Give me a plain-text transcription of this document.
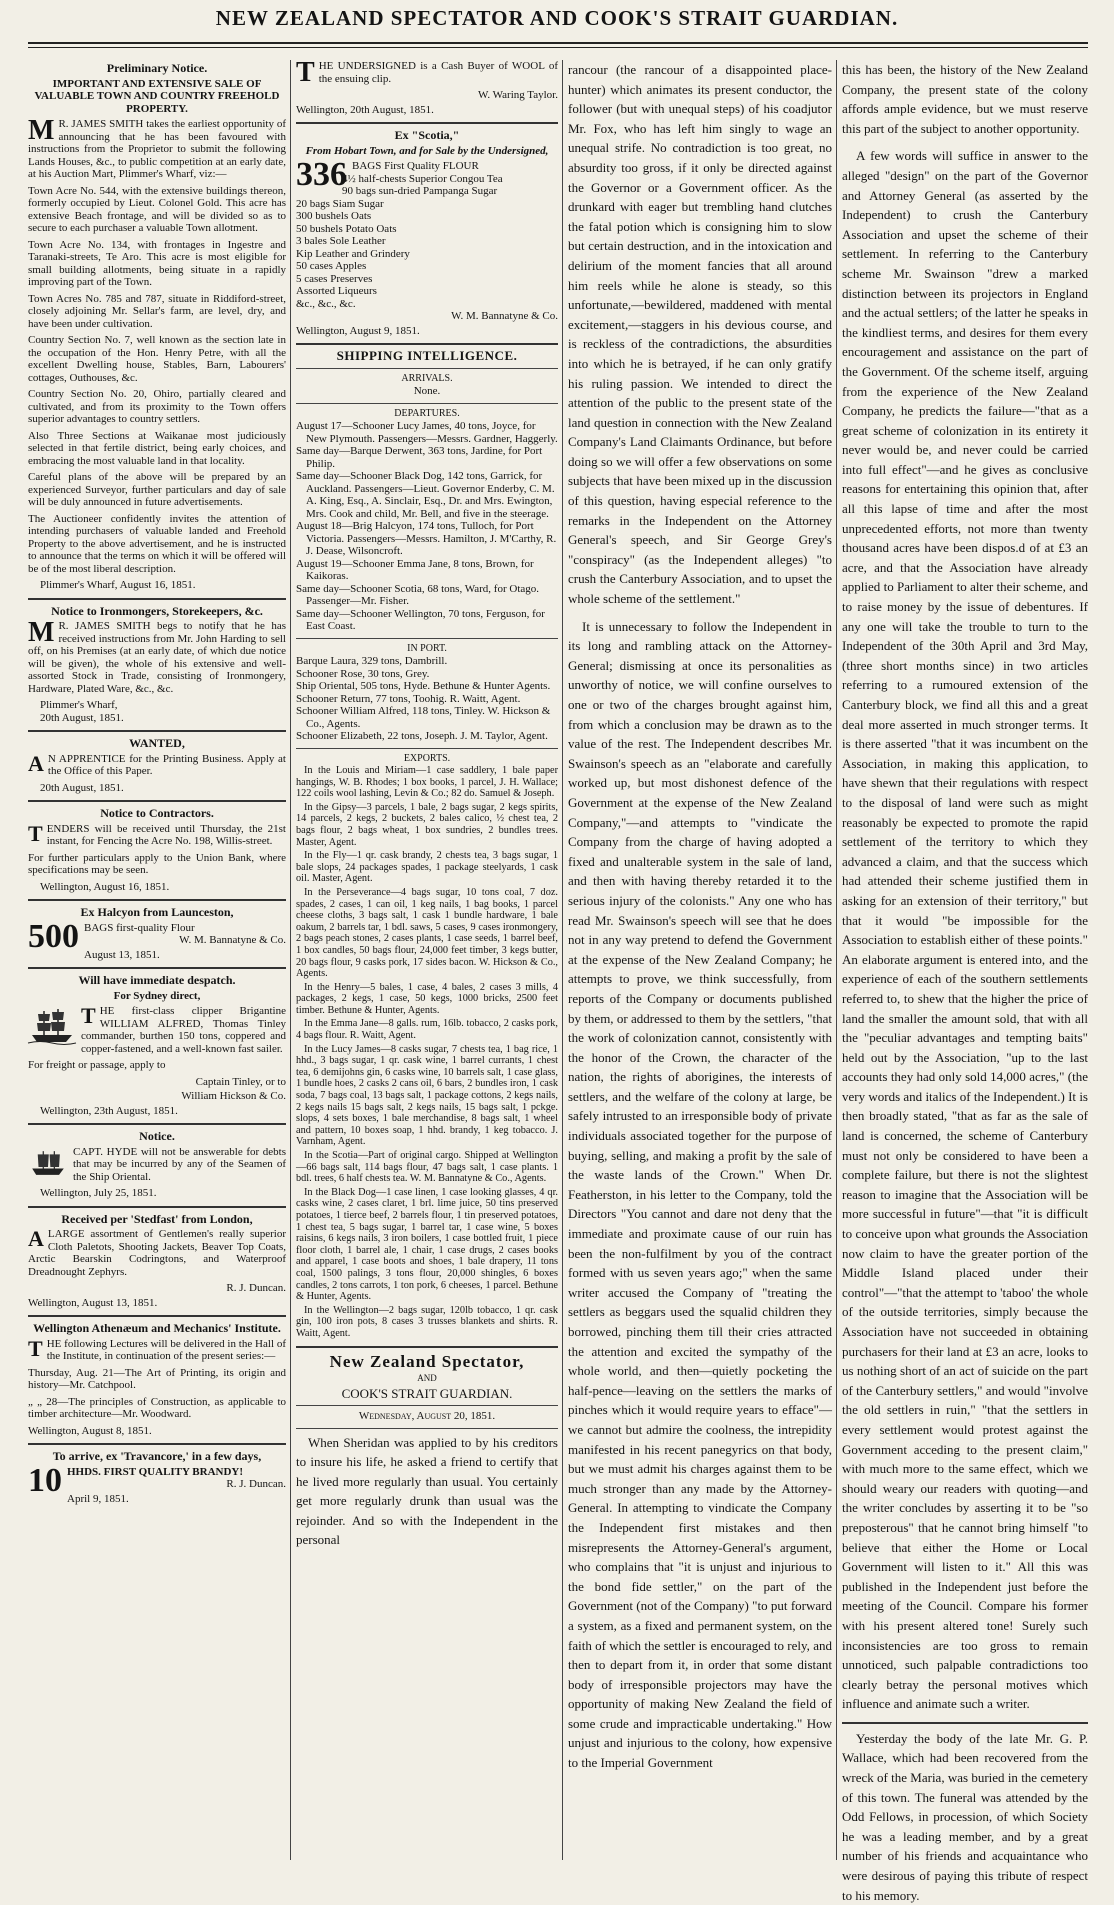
NEW ZEALAND SPECTATOR AND COOK'S STRAIT GUARDIAN.
Preliminary Notice.
IMPORTANT AND EXTENSIVE SALE OF VALUABLE TOWN AND COUNTRY FREEHOLD PROPERTY.

M R. JAMES SMITH takes the earliest opportunity of announcing that he has been favoured with instructions from the Proprietor to submit the following Lands Houses, &c., to public competition at an early date, at his Auction Mart, Plimmer's Wharf, viz:—

Town Acre No. 544, with the extensive buildings thereon, formerly occupied by Lieut. Colonel Gold. This acre has extensive Beach frontage, and will be divided so as to secure to each purchaser a valuable Town allotment.

Town Acre No. 134, with frontages in Ingestre and Taranaki-streets, Te Aro. This acre is most eligible for small building allotments, being situate in a rapidly improving part of the Town.

Town Acres No. 785 and 787, situate in Riddiford-street, closely adjoining Mr. Sellar's farm, are level, dry, and have been under cultivation.

Country Section No. 7, well known as the section late in the occupation of the Hon. Henry Petre, with all the excellent Dwelling house, Stables, Barn, Labourers' cottages, Outhouses, &c.

Country Section No. 20, Ohiro, partially cleared and cultivated, and from its proximity to the Town offers superior advantages to country settlers.

Also Three Sections at Waikanae most judiciously selected in that fertile district, being early choices, and embracing the most valuable land in that locality.

Careful plans of the above will be prepared by an experienced Surveyor, further particulars and day of sale will be duly announced in future advertisements.

The Auctioneer confidently invites the attention of intending purchasers of valuable landed and Freehold Property to the above advertisement, and he is instructed to announce that the terms on which it will be offered will be of the most liberal description.

Plimmer's Wharf, August 16, 1851.

Notice to Ironmongers, Storekeepers, &c.

M R. JAMES SMITH begs to notify that he has received instructions from Mr. John Harding to sell off, on his Premises (at an early date, of which due notice will be given), the whole of his extensive and well-assorted Stock in Trade, consisting of Ironmongery, Hardware, Plated Ware, &c., &c.

Plimmer's Wharf,

20th August, 1851.

WANTED,

A N APPRENTICE for the Printing Business. Apply at the Office of this Paper.

20th August, 1851.

Notice to Contractors.

TENDERS will be received until Thursday, the 21st instant, for Fencing the Acre No. 198, Willis-street.

For further particulars apply to the Union Bank, where specifications may be seen.

Wellington, August 16, 1851.

Ex Halcyon from Launceston,
500 BAGS first-quality Flour
W. M. Bannatyne & Co.

August 13, 1851.

Will have immediate despatch.
For Sydney direct,

THE first-class clipper Brigantine WILLIAM ALFRED, Thomas Tinley commander, burthen 150 tons, coppered and copper-fastened, and a well-known fast sailer.

For freight or passage, apply to

Captain Tinley, or to
William Hickson & Co.

Wellington, 23th August, 1851.

Notice.

CAPT. HYDE will not be answerable for debts that may be incurred by any of the Seamen of the Ship Oriental.

Wellington, July 25, 1851.

Received per 'Stedfast' from London,

ALARGE assortment of Gentlemen's really superior Cloth Paletots, Shooting Jackets, Beaver Top Coats, Arctic Bearskin Codringtons, and Waterproof Dreadnought Zephyrs.

R. J. Duncan.

Wellington, August 13, 1851.

Wellington Athenæum and Mechanics' Institute.

THE following Lectures will be delivered in the Hall of the Institute, in continuation of the present series:—

Thursday, Aug. 21—The Art of Printing, its origin and history—Mr. Catchpool.

„ „ 28—The principles of Construction, as applicable to timber architecture—Mr. Woodward.

Wellington, August 8, 1851.

To arrive, ex 'Travancore,' in a few days,
10 HHDS. FIRST QUALITY BRANDY!
R. J. Duncan.

April 9, 1851.

THE UNDERSIGNED is a Cash Buyer of WOOL of the ensuing clip.

W. Waring Taylor.

Wellington, 20th August, 1851.

Ex "Scotia,"
From Hobart Town, and for Sale by the Undersigned,
336 BAGS First Quality FLOUR
4½ half-chests Superior Congou Tea
90 bags sun-dried Pampanga Sugar
20 bags Siam Sugar
300 bushels Oats
50 bushels Potato Oats
3 bales Sole Leather
Kip Leather and Grindery
50 cases Apples
5 cases Preserves
Assorted Liqueurs
&c., &c., &c.
W. M. Bannatyne & Co.

Wellington, August 9, 1851.

SHIPPING INTELLIGENCE.
ARRIVALS.
None.
DEPARTURES.
August 17—Schooner Lucy James, 40 tons, Joyce, for New Plymouth. Passengers—Messrs. Gardner, Haggerly.
Same day—Barque Derwent, 363 tons, Jardine, for Port Philip.
Same day—Schooner Black Dog, 142 tons, Garrick, for Auckland. Passengers—Lieut. Governor Enderby, C. M. A. King, Esq., A. Sinclair, Esq., Dr. and Mrs. Ewington, Mrs. Cook and child, Mr. Bell, and five in the steerage.
August 18—Brig Halcyon, 174 tons, Tulloch, for Port Victoria. Passengers—Messrs. Hamilton, J. M'Carthy, R. J. Dease, Wilsoncroft.
August 19—Schooner Emma Jane, 8 tons, Brown, for Kaikoras.
Same day—Schooner Scotia, 68 tons, Ward, for Otago. Passenger—Mr. Fisher.
Same day—Schooner Wellington, 70 tons, Ferguson, for East Coast.
IN PORT.
Barque Laura, 329 tons, Dambrill.
Schooner Rose, 30 tons, Grey.
Ship Oriental, 505 tons, Hyde. Bethune & Hunter Agents.
Schooner Return, 77 tons, Toohig. R. Waitt, Agent.
Schooner William Alfred, 118 tons, Tinley. W. Hickson & Co., Agents.
Schooner Elizabeth, 22 tons, Joseph. J. M. Taylor, Agent.
EXPORTS.

In the Louis and Miriam—1 case saddlery, 1 bale paper hangings, W. B. Rhodes; 1 box books, 1 parcel, J. H. Wallace; 122 coils wool lashing, Levin & Co.; 82 do. Samuel & Joseph.

In the Gipsy—3 parcels, 1 bale, 2 bags sugar, 2 kegs spirits, 14 parcels, 2 kegs, 2 buckets, 2 bales calico, ½ chest tea, 2 bags flour, 2 bags wheat, 1 box sundries, 2 bundles trees. Master, Agent.

In the Fly—1 qr. cask brandy, 2 chests tea, 3 bags sugar, 1 bale slops, 24 packages spades, 1 package steelyards, 1 cask oil. Master, Agent.

In the Perseverance—4 bags sugar, 10 tons coal, 7 doz. spades, 2 cases, 1 can oil, 1 keg nails, 1 bag books, 1 parcel cheese cloths, 3 bags salt, 1 cask 1 bundle hardware, 1 bale oakum, 2 barrels tar, 1 bdl. saws, 5 cases, 9 cases ironmongery, 2 bags peach stones, 2 cases plants, 1 case seeds, 1 barrel beef, 1 box candles, 50 bags flour, 24,000 feet timber, 3 kegs butter, 20 bags flour, 9 casks pork, 17 sides bacon. W. Hickson & Co., Agents.

In the Henry—5 bales, 1 case, 4 bales, 2 cases 3 mills, 4 packages, 2 kegs, 1 case, 50 kegs, 1000 bricks, 2500 feet timber. Bethune & Hunter, Agents.

In the Emma Jane—8 galls. rum, 16lb. tobacco, 2 casks pork, 4 bags flour. R. Waitt, Agent.

In the Lucy James—8 casks sugar, 7 chests tea, 1 bag rice, 1 hhd., 3 bags sugar, 1 qr. cask wine, 1 barrel currants, 1 chest tea, 6 demijohns gin, 6 casks wine, 10 barrels salt, 1 case glass, 1 bundle hoes, 2 casks 2 cans oil, 6 bars, 2 bundles iron, 1 cask soda, 7 bags coal, 13 bags salt, 1 package cottons, 2 kegs nails, 2 kegs nails 15 bags salt, 2 kegs nails, 15 bags salt, 1 pckge. slops, 4 sets boxes, 1 bale merchandise, 8 bags salt, 1 wheel and pattern, 10 boxes soap, 1 hhd. brandy, 1 keg tobacco. J. Varnham, Agent.

In the Scotia—Part of original cargo. Shipped at Wellington—66 bags salt, 114 bags flour, 47 bags salt, 1 case plants. 1 bdl. trees, 6 half chests tea. W. M. Bannatyne & Co., Agents.

In the Black Dog—1 case linen, 1 case looking glasses, 4 qr. casks wine, 2 cases claret, 1 brl. lime juice, 50 tins preserved potatoes, 1 tierce beef, 2 barrels flour, 1 tin preserved potatoes, 1 chest tea, 5 bags sugar, 1 barrel tar, 1 case wine, 5 boxes raisins, 6 kegs nails, 3 iron boilers, 1 case bottled fruit, 1 piece floor cloth, 1 barrel ale, 1 chair, 1 case drugs, 2 cases books and apparel, 1 case boots and shoes, 1 bale drapery, 11 tons coal, 1500 palings, 3 tons flour, 20,000 shingles, 6 boxes candles, 2 tons carrots, 1 ton pork, 6 cheeses, 1 parcel. Bethune & Hunter, Agents.

In the Wellington—2 bags sugar, 120lb tobacco, 1 qr. cask gin, 100 iron pots, 8 cases 3 trusses blankets and shirts. R. Waitt, Agent.

New Zealand Spectator,
AND
COOK'S STRAIT GUARDIAN.
Wednesday, August 20, 1851.

When Sheridan was applied to by his creditors to insure his life, he asked a friend to certify that he lived more regularly than usual. You certainly get more regularly drunk than usual was the rejoinder. And so with the Independent in the personal

rancour (the rancour of a disappointed place-hunter) which animates its present conductor, the follower (but with unequal steps) of his coadjutor Mr. Fox, who has left him singly to wage an unequal strife. No contradiction is too great, no absurdity too gross, if it only be directed against the Governor or a Government officer. As the drunkard with eager but trembling hand clutches the fatal potion which is consigning him to slow but certain destruction, and in the intoxication and delirium of the moment fancies that all around him reels while he alone is steady, so this unfortunate,—bewildered, maddened with mental excitement,—staggers in his devious course, and is reckless of the contradictions, the absurdities into which he is betrayed, if he can only gratify his ruling passion. We intended to direct the attention of the public to the present state of the land question in connection with the New Zealand Company's Land Claimants Ordinance, but before doing so we will offer a few observations on some subjects that have been mixed up in the discussion of this question, having especial reference to the remarks in the Independent on the Attorney General's speech, and Sir George Grey's "conspiracy" (as the Independent alleges) "to crush the Canterbury Association, and to upset the whole scheme of the settlement."

It is unnecessary to follow the Independent in its long and rambling attack on the Attorney-General; dismissing at once its personalities as unworthy of notice, we will confine ourselves to one or two of the charges brought against him, from which a conclusion may be drawn as to the value of the rest. The Independent describes Mr. Swainson's speech as an "elaborate and carefully worked up, but most dishonest defence of the Government at the expense of the New Zealand Company,"—and attempts to "vindicate the Company from the charge of having adopted a fixed and unalterable system in the sale of land, and then with having thereby retarded it to the serious injury of the colonists." Any one who has read Mr. Swainson's speech will see that he does not in any way pretend to defend the Government at the expense of the New Zealand Company; he attempts to prove, we think successfully, from reports of the Company or documents published by them, or addressed to them by the settlers, "that the work of colonization cannot, consistently with the honor of the Crown, the character of the nation, the rights of aborigines, the interests of settlers, and the welfare of the colony at large, be safely intrusted to an irresponsible body of private individuals associated together for the purpose of buying, selling, and making a profit by the sale of the waste lands of the Crown." When Dr. Featherston, in his letter to the Company, told the Directors "You cannot and dare not deny that the immediate and proximate cause of our ruin has been the non-fulfilment by you of the contract formed with us seven years ago;" when the same writer accused the Company of "treating the settlers as beggars used the squalid children they borrowed, pinching them till their cries attracted the attention and excited the sympathy of the whole world, and then—quietly pocketing the half-pence—leaving on the settlers the marks of pinches which it would require years to efface"—we cannot but admire the coolness, the intrepidity manifested in his recent panegyrics on that body, but we must admit his charges against them to be much stronger than any made by the Attorney-General. In attempting to vindicate the Company the Independent first mistakes and then misrepresents the Attorney-General's argument, who complains that "it is unjust and injurious to the bond fide settler," on the part of the Government (not of the Company) "to put forward a system, as a fixed and permanent system, on the faith of which the settler is encouraged to rely, and then to depart from it, in order that some distant body of irresponsible projectors may have the opportunity of making New Zealand the field of some crude and impracticable undertaking." How unjust and injurious to the colony, how expensive to the Imperial Government

this has been, the history of the New Zealand Company, the present state of the colony affords ample evidence, but we must reserve this part of the subject to another opportunity.

A few words will suffice in answer to the alleged "design" on the part of the Governor and Attorney General (as asserted by the Independent) to crush the Canterbury Association and upset the scheme of their settlement. In referring to the Canterbury scheme Mr. Swainson "drew a marked distinction between its projectors in England and the actual settlers; of the latter he speaks in the kindliest terms, and desires for them every encouragement and assistance on the part of the Government. Of the scheme itself, arguing from the experience of the New Zealand Company, he predicts the failure—"that as a great scheme of colonization in its entirety it never would be, and never could be carried into full effect"—and he gives as conclusive reasons for entertaining this opinion that, after all this lapse of time and after the most unprecedented efforts, not more than twenty thousand acres have been dispos.d of at £3 an acre, and that the Association have already applied to Parliament to alter their scheme, and to raise money by the issue of debentures. If any one will take the trouble to turn to the Independent of the 30th April and 3rd May, (three short months since) in two articles referring to a rumoured extension of the Canterbury block, we find all this and a great deal more asserted in much stronger terms. It is there asserted "that it was incumbent on the Association, in making this application, to have shewn that their regulations with respect to the disposal of land were such as might reasonably be expected to promote the rapid settlement of the territory to which they advanced a claim, and that the success which had attended their scheme justified them in asking for an extension of their territory," but that it would "be impossible for the Association to establish either of these points." An elaborate argument is entered into, and the experience of each of the southern settlements referred to, to shew that the higher the price of land the smaller the amount sold, that with all the "peculiar advantages and tempting baits" held out by the Association, "up to the last accounts they had only sold 14,000 acres," (the very words and italics of the Independent.) It is then broadly stated, "that as far as the sale of land is concerned, the scheme of Canterbury must not only be considered to have been a complete failure, but there is not the slightest reason to imagine that the Association will be more successful in future"—that "it is difficult to conceive upon what grounds the Association now claim to have the greater portion of the Middle Island placed under their control"—"that the attempt to 'taboo' the whole of the outside territories, simply because the Association have not succeeded in obtaining purchasers for their land at £3 an acre, looks to us nothing short of an act of suicide on the part of the Canterbury settlers," and would "involve the old settlers in ruin," "that the settlers in every settlement would protest against the Government acceding to the present claim," with much more to the same effect, which we should weary our readers with quoting—and the writer concludes by asserting it to be "so preposterous" that he cannot bring himself "to believe that either the Home or Local Government will listen to it." All this was published in the Independent just before the meeting of the Council. Compare his former with his present altered tone! Surely such inconsistencies are too gross to remain unnoticed, such palpable contradictions too clearly betray the personal motives which influence and animate such a writer.

Yesterday the body of the late Mr. G. P. Wallace, which had been recovered from the wreck of the Maria, was buried in the cemetery of this town. The funeral was attended by the Odd Fellows, in procession, of which Society he was a leading member, and by a great number of his friends and acquaintance who were desirous of paying this tribute of respect to his memory.
